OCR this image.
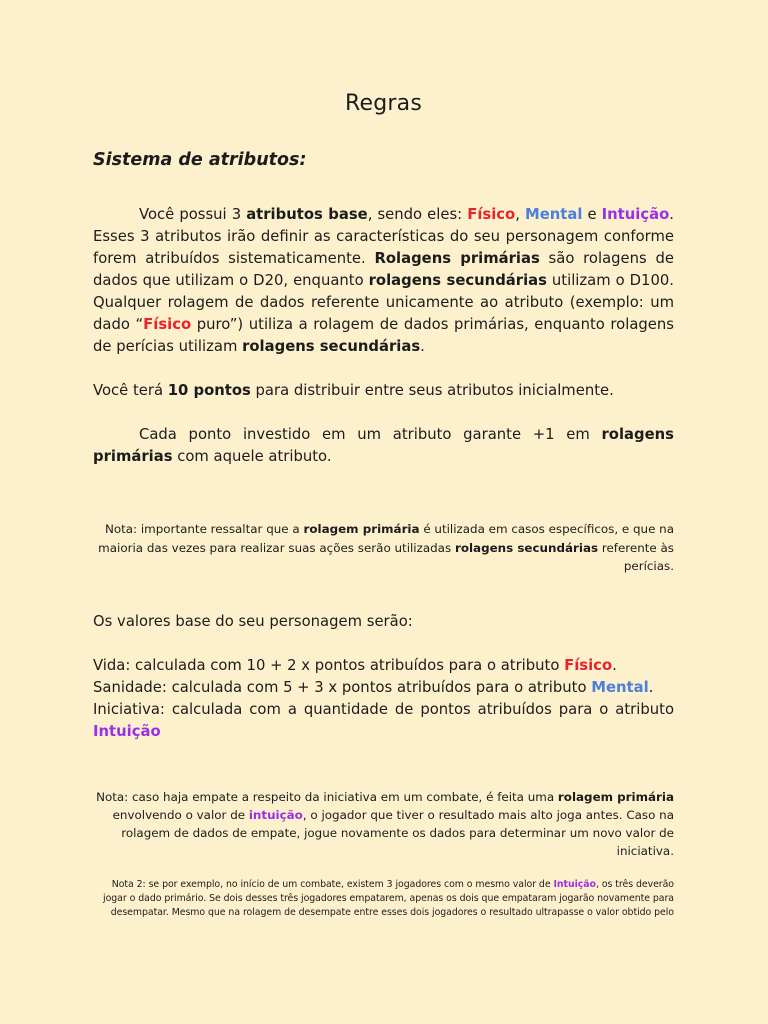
Regras
Sistema de atributos:

Você possui 3 atributos base, sendo eles: Físico, Mental e Intuição. Esses 3 atributos irão definir as características do seu personagem conforme forem atribuídos sistematicamente. Rolagens primárias são rolagens de dados que utilizam o D20, enquanto rolagens secundárias utilizam o D100. Qualquer rolagem de dados referente unicamente ao atributo (exemplo: um dado “Físico puro”) utiliza a rolagem de dados primárias, enquanto rolagens de perícias utilizam rolagens secundárias.

Você terá 10 pontos para distribuir entre seus atributos inicialmente.

Cada ponto investido em um atributo garante +1 em rolagens primárias com aquele atributo.

Nota: importante ressaltar que a rolagem primária é utilizada em casos específicos, e que na maioria das vezes para realizar suas ações serão utilizadas rolagens secundárias referente às perícias.

Os valores base do seu personagem serão:

Vida: calculada com 10 + 2 x pontos atribuídos para o atributo Físico.

Sanidade: calculada com 5 + 3 x pontos atribuídos para o atributo Mental.

Iniciativa: calculada com a quantidade de pontos atribuídos para o atributo Intuição

Nota: caso haja empate a respeito da iniciativa em um combate, é feita uma rolagem primária envolvendo o valor de intuição, o jogador que tiver o resultado mais alto joga antes. Caso na rolagem de dados de empate, jogue novamente os dados para determinar um novo valor de iniciativa.

Nota 2: se por exemplo, no início de um combate, existem 3 jogadores com o mesmo valor de Intuição, os três deverão jogar o dado primário. Se dois desses três jogadores empatarem, apenas os dois que empataram jogarão novamente para desempatar. Mesmo que na rolagem de desempate entre esses dois jogadores o resultado ultrapasse o valor obtido pelo
